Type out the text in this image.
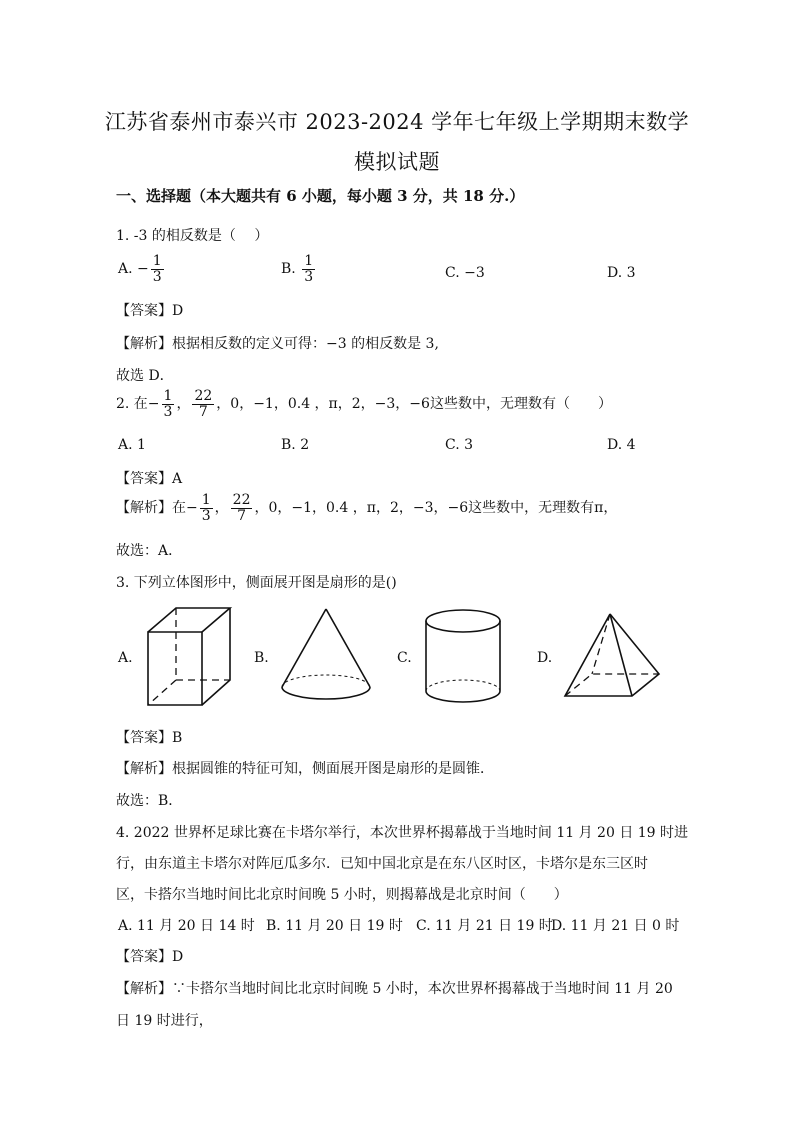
江苏省泰州市泰兴市 2023-2024 学年七年级上学期期末数学
模拟试题
一、选择题（本大题共有 6 小题，每小题 3 分，共 18 分.）
1. -3 的相反数是（　 ）
A. − $\frac{1}{3}$	B. $\frac{1}{3}$	C. −3	D. 3
【答案】D
【解析】根据相反数的定义可得：−3 的相反数是 3,
故选 D．
2. 在− $\frac{1}{3}$ ， $\frac{22}{7}$ ，0，−1，0.4 ，π，2，−3，−6这些数中，无理数有（　　）
A. 1	B. 2	C. 3	D. 4
【答案】A
【解析】在− $\frac{1}{3}$ ， $\frac{22}{7}$ ，0，−1，0.4 ，π，2，−3，−6这些数中，无理数有π，
故选：A．
3. 下列立体图形中，侧面展开图是扇形的是()
A.	B.	C.	D.
【答案】B
【解析】根据圆锥的特征可知，侧面展开图是扇形的是圆锥．
故选：B．
4. 2022 世界杯足球比赛在卡塔尔举行，本次世界杯揭幕战于当地时间 11 月 20 日 19 时进
行，由东道主卡塔尔对阵厄瓜多尔．已知中国北京是在东八区时区，卡塔尔是东三区时
区，卡搭尔当地时间比北京时间晚 5 小时，则揭幕战是北京时间（　　）
A. 11 月 20 日 14 时 B. 11 月 20 日 19 时 C. 11 月 21 日 19 时
D. 11 月 21 日 0 时
【答案】D
【解析】∵卡搭尔当地时间比北京时间晚 5 小时，本次世界杯揭幕战于当地时间 11 月 20
日 19 时进行，
